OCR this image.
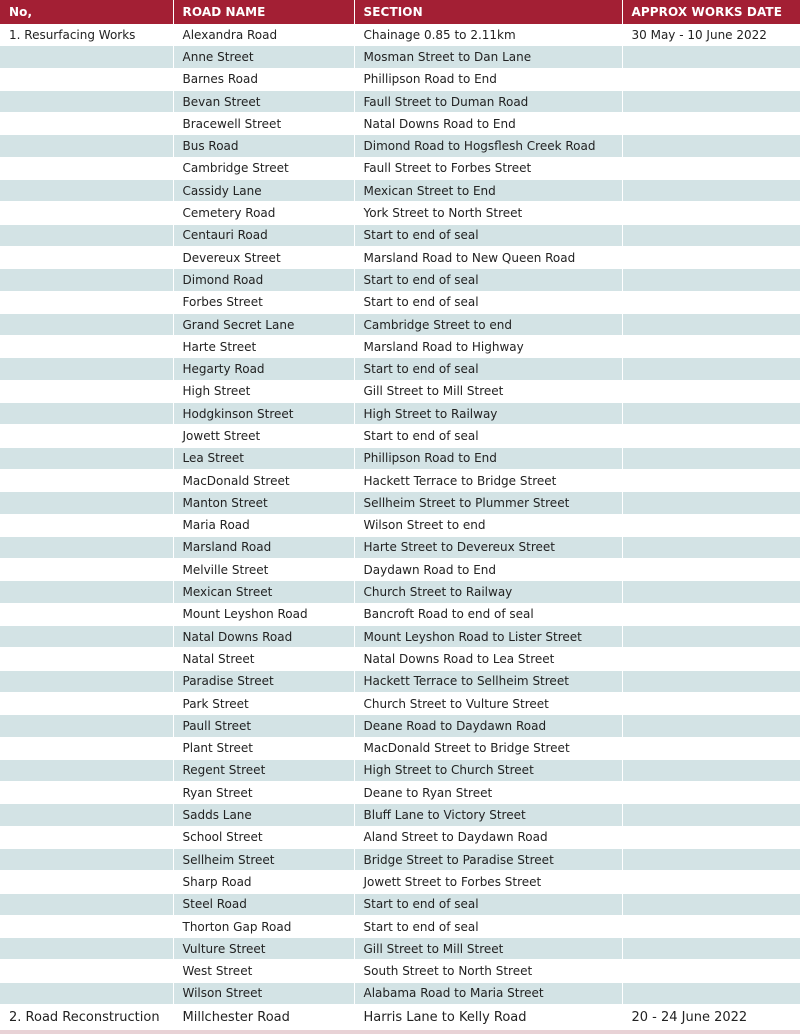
No,	ROAD NAME	SECTION	APPROX WORKS DATE
1. Resurfacing Works	Alexandra Road	Chainage 0.85 to 2.11km	30 May - 10 June 2022
	Anne Street	Mosman Street to Dan Lane	
	Barnes Road	Phillipson Road to End	
	Bevan Street	Faull Street to Duman Road	
	Bracewell Street	Natal Downs Road to End	
	Bus Road	Dimond Road to Hogsflesh Creek Road	
	Cambridge Street	Faull Street to Forbes Street	
	Cassidy Lane	Mexican Street to End	
	Cemetery Road	York Street to North Street	
	Centauri Road	Start to end of seal	
	Devereux Street	Marsland Road to New Queen Road	
	Dimond Road	Start to end of seal	
	Forbes Street	Start to end of seal	
	Grand Secret Lane	Cambridge Street to end	
	Harte Street	Marsland Road to Highway	
	Hegarty Road	Start to end of seal	
	High Street	Gill Street to Mill Street	
	Hodgkinson Street	High Street to Railway	
	Jowett Street	Start to end of seal	
	Lea Street	Phillipson Road to End	
	MacDonald Street	Hackett Terrace to Bridge Street	
	Manton Street	Sellheim Street to Plummer Street	
	Maria Road	Wilson Street to end	
	Marsland Road	Harte Street to Devereux Street	
	Melville Street	Daydawn Road to End	
	Mexican Street	Church Street to Railway	
	Mount Leyshon Road	Bancroft Road to end of seal	
	Natal Downs Road	Mount Leyshon Road to Lister Street	
	Natal Street	Natal Downs Road to Lea Street	
	Paradise Street	Hackett Terrace to Sellheim Street	
	Park Street	Church Street to Vulture Street	
	Paull Street	Deane Road to Daydawn Road	
	Plant Street	MacDonald Street to Bridge Street	
	Regent Street	High Street to Church Street	
	Ryan Street	Deane to Ryan Street	
	Sadds Lane	Bluff Lane to Victory Street	
	School Street	Aland Street to Daydawn Road	
	Sellheim Street	Bridge Street to Paradise Street	
	Sharp Road	Jowett Street to Forbes Street	
	Steel Road	Start to end of seal	
	Thorton Gap Road	Start to end of seal	
	Vulture Street	Gill Street to Mill Street	
	West Street	South Street to North Street	
	Wilson Street	Alabama Road to Maria Street	
2. Road Reconstruction	Millchester Road	Harris Lane to Kelly Road	20 - 24 June 2022
